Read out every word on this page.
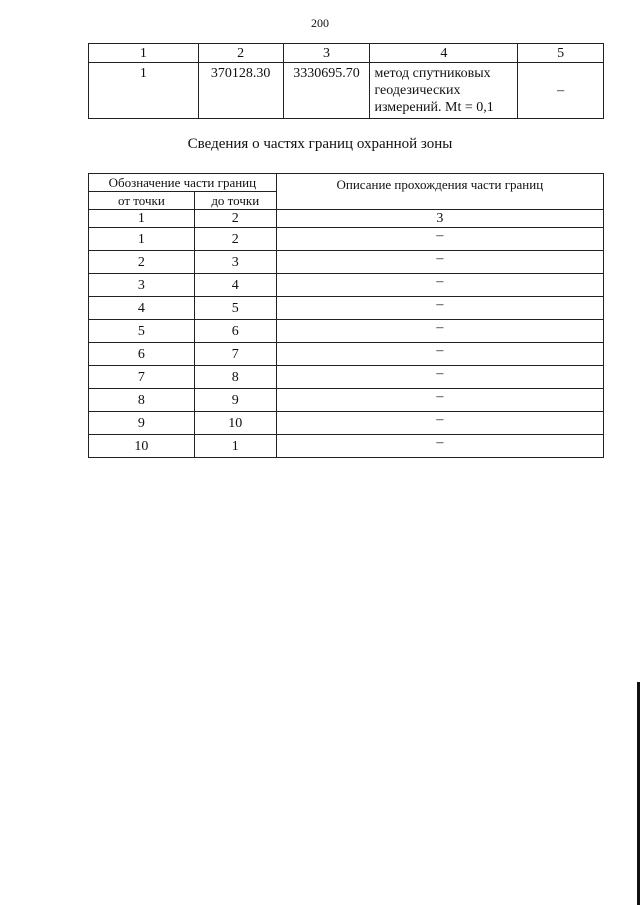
200
1	2	3	4	5
1	370128.30	3330695.70	метод спутниковых
геодезических
измерений. Mt = 0,1	–
Сведения о частях границ охранной зоны
Обозначение части границ		Описание прохождения части границ
от точки	до точки	
1	2	3
1	2	–
2	3	–
3	4	–
4	5	–
5	6	–
6	7	–
7	8	–
8	9	–
9	10	–
10	1	–
